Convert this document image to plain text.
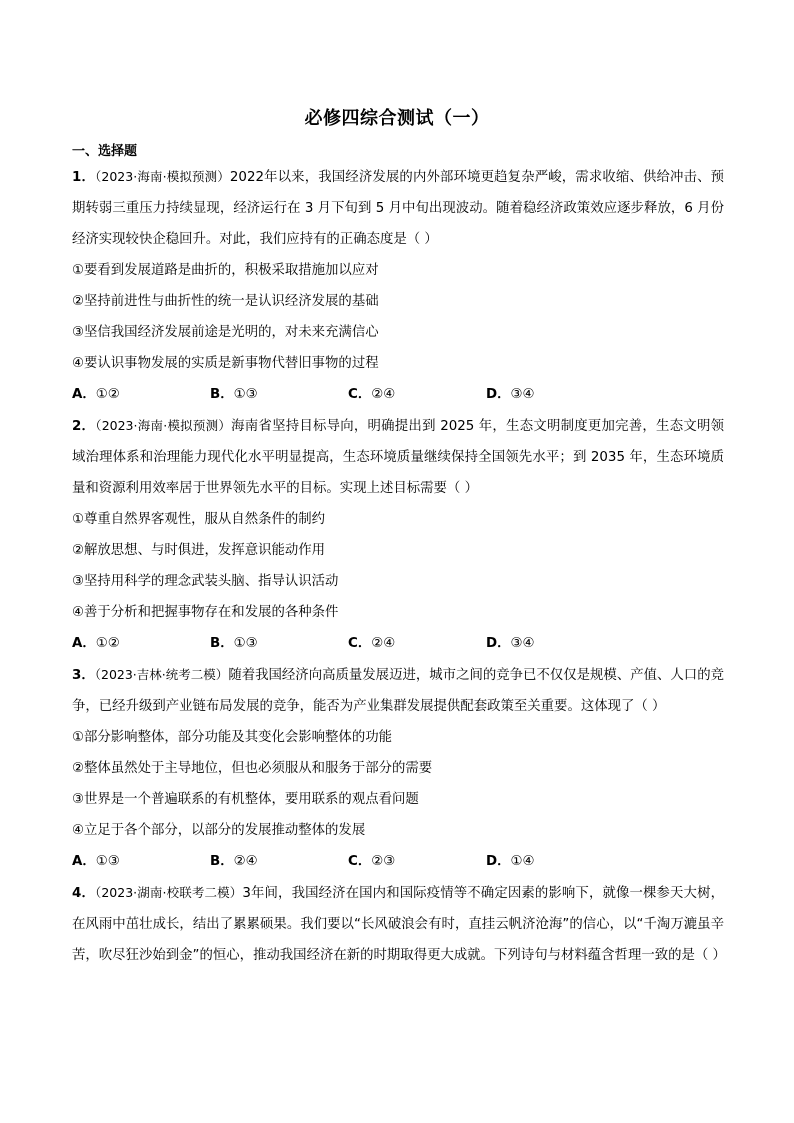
必修四综合测试（一）
一、选择题
1．（2023·海南·模拟预测）2022年以来，我国经济发展的内外部环境更趋复杂严峻，需求收缩、供给冲击、预期转弱三重压力持续显现，经济运行在 3 月下旬到 5 月中旬出现波动。随着稳经济政策效应逐步释放，6 月份经济实现较快企稳回升。对此，我们应持有的正确态度是（ ）
①要看到发展道路是曲折的，积极采取措施加以应对
②坚持前进性与曲折性的统一是认识经济发展的基础
③坚信我国经济发展前途是光明的，对未来充满信心
④要认识事物发展的实质是新事物代替旧事物的过程
A．①②	B．①③	C．②④	D．③④
2．（2023·海南·模拟预测）海南省坚持目标导向，明确提出到 2025 年，生态文明制度更加完善，生态文明领域治理体系和治理能力现代化水平明显提高，生态环境质量继续保持全国领先水平；到 2035 年，生态环境质量和资源利用效率居于世界领先水平的目标。实现上述目标需要（ ）
①尊重自然界客观性，服从自然条件的制约
②解放思想、与时俱进，发挥意识能动作用
③坚持用科学的理念武装头脑、指导认识活动
④善于分析和把握事物存在和发展的各种条件
A．①②	B．①③	C．②④	D．③④
3．（2023·吉林·统考二模）随着我国经济向高质量发展迈进，城市之间的竞争已不仅仅是规模、产值、人口的竞争，已经升级到产业链布局发展的竞争，能否为产业集群发展提供配套政策至关重要。这体现了（ ）
①部分影响整体，部分功能及其变化会影响整体的功能
②整体虽然处于主导地位，但也必须服从和服务于部分的需要
③世界是一个普遍联系的有机整体，要用联系的观点看问题
④立足于各个部分，以部分的发展推动整体的发展
A．①③	B．②④	C．②③	D．①④
4．（2023·湖南·校联考二模）3年间，我国经济在国内和国际疫情等不确定因素的影响下，就像一棵参天大树，在风雨中茁壮成长，结出了累累硕果。我们要以“长风破浪会有时，直挂云帆济沧海”的信心，以“千淘万漉虽辛苦，吹尽狂沙始到金”的恒心，推动我国经济在新的时期取得更大成就。下列诗句与材料蕴含哲理一致的是（ ）
